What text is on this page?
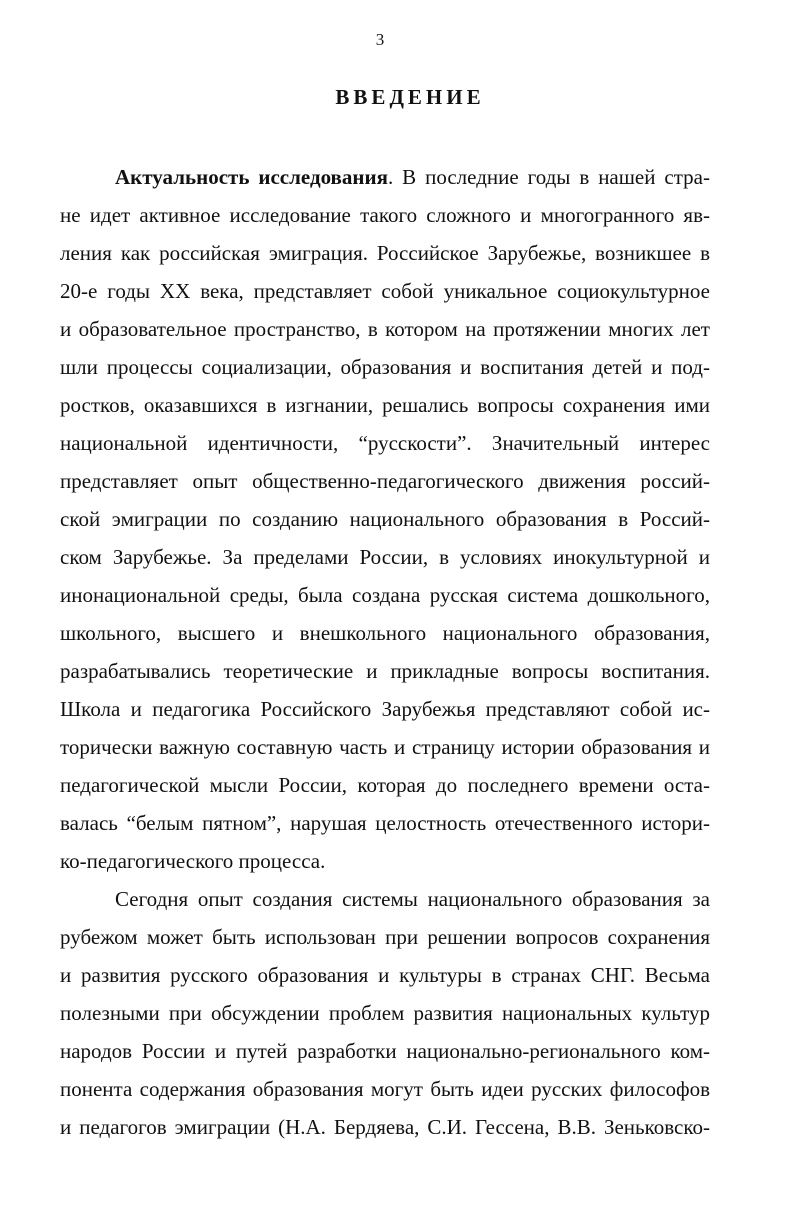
3
ВВЕДЕНИЕ
Актуальность исследования. В последние годы в нашей стра-
не идет активное исследование такого сложного и многогранного яв-
ления как российская эмиграция. Российское Зарубежье, возникшее в
20-е годы XX века, представляет собой уникальное социокультурное
и образовательное пространство, в котором на протяжении многих лет
шли процессы социализации, образования и воспитания детей и под-
ростков, оказавшихся в изгнании, решались вопросы сохранения ими
национальной идентичности, “русскости”. Значительный интерес
представляет опыт общественно-педагогического движения россий-
ской эмиграции по созданию национального образования в Россий-
ском Зарубежье. За пределами России, в условиях инокультурной и
инонациональной среды, была создана русская система дошкольного,
школьного, высшего и внешкольного национального образования,
разрабатывались теоретические и прикладные вопросы воспитания.
Школа и педагогика Российского Зарубежья представляют собой ис-
торически важную составную часть и страницу истории образования и
педагогической мысли России, которая до последнего времени оста-
валась “белым пятном”, нарушая целостность отечественного истори-
ко-педагогического процесса.
Сегодня опыт создания системы национального образования за
рубежом может быть использован при решении вопросов сохранения
и развития русского образования и культуры в странах СНГ. Весьма
полезными при обсуждении проблем развития национальных культур
народов России и путей разработки национально-регионального ком-
понента содержания образования могут быть идеи русских философов
и педагогов эмиграции (Н.А. Бердяева, С.И. Гессена, В.В. Зеньковско-
